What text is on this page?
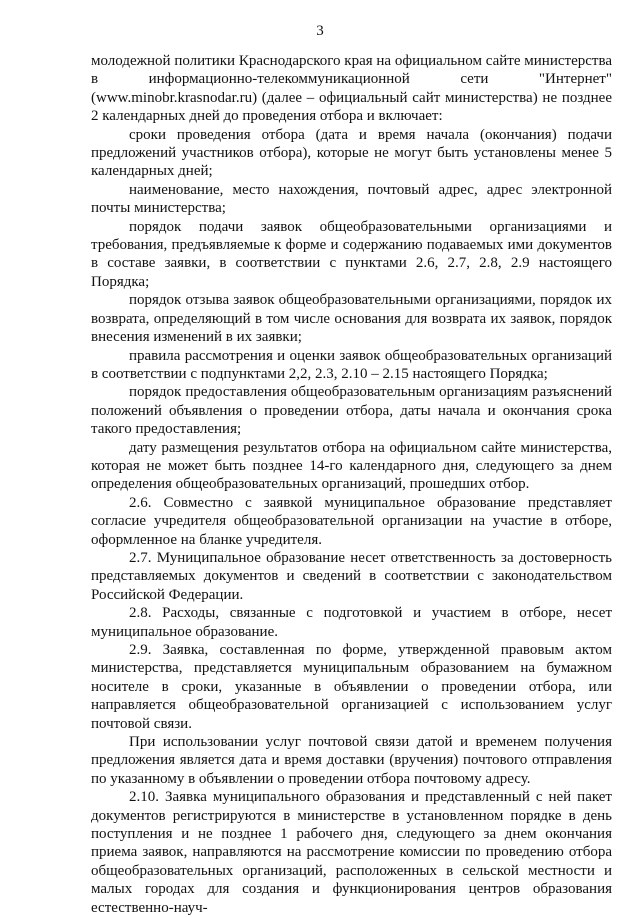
3

молодежной политики Краснодарского края на официальном сайте министерства в информационно-телекоммуникационной сети "Интернет" (www.minobr.krasnodar.ru) (далее – официальный сайт министерства) не позднее 2 календарных дней до проведения отбора и включает:

сроки проведения отбора (дата и время начала (окончания) подачи предложений участников отбора), которые не могут быть установлены менее 5 календарных дней;

наименование, место нахождения, почтовый адрес, адрес электронной почты министерства;

порядок подачи заявок общеобразовательными организациями и требования, предъявляемые к форме и содержанию подаваемых ими документов в составе заявки, в соответствии с пунктами 2.6, 2.7, 2.8, 2.9 настоящего Порядка;

порядок отзыва заявок общеобразовательными организациями, порядок их возврата, определяющий в том числе основания для возврата их заявок, порядок внесения изменений в их заявки;

правила рассмотрения и оценки заявок общеобразовательных организаций в соответствии с подпунктами 2,2, 2.3, 2.10 – 2.15 настоящего Порядка;

порядок предоставления общеобразовательным организациям разъяснений положений объявления о проведении отбора, даты начала и окончания срока такого предоставления;

дату размещения результатов отбора на официальном сайте министерства, которая не может быть позднее 14-го календарного дня, следующего за днем определения общеобразовательных организаций, прошедших отбор.

2.6. Совместно с заявкой муниципальное образование представляет согласие учредителя общеобразовательной организации на участие в отборе, оформленное на бланке учредителя.

2.7. Муниципальное образование несет ответственность за достоверность представляемых документов и сведений в соответствии с законодательством Российской Федерации.

2.8. Расходы, связанные с подготовкой и участием в отборе, несет муниципальное образование.

2.9. Заявка, составленная по форме, утвержденной правовым актом министерства, представляется муниципальным образованием на бумажном носителе в сроки, указанные в объявлении о проведении отбора, или направляется общеобразовательной организацией с использованием услуг почтовой связи.

При использовании услуг почтовой связи датой и временем получения предложения является дата и время доставки (вручения) почтового отправления по указанному в объявлении о проведении отбора почтовому адресу.

2.10. Заявка муниципального образования и представленный с ней пакет документов регистрируются в министерстве в установленном порядке в день поступления и не позднее 1 рабочего дня, следующего за днем окончания приема заявок, направляются на рассмотрение комиссии по проведению отбора общеобразовательных организаций, расположенных в сельской местности и малых городах для создания и функционирования центров образования естественно-науч-
